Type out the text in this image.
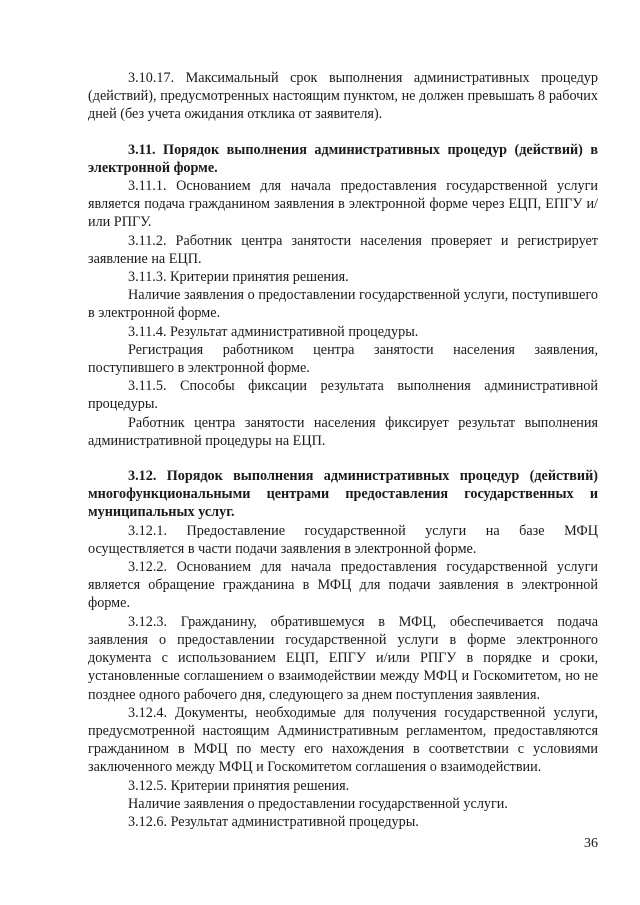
3.10.17. Максимальный срок выполнения административных процедур (действий), предусмотренных настоящим пунктом, не должен превышать 8 рабочих дней (без учета ожидания отклика от заявителя).

3.11. Порядок выполнения административных процедур (действий) в электронной форме.

3.11.1. Основанием для начала предоставления государственной услуги является подача гражданином заявления в электронной форме через ЕЦП, ЕПГУ и/или РПГУ.

3.11.2. Работник центра занятости населения проверяет и регистрирует заявление на ЕЦП.

3.11.3. Критерии принятия решения.

Наличие заявления о предоставлении государственной услуги, поступившего в электронной форме.

3.11.4. Результат административной процедуры.

Регистрация работником центра занятости населения заявления, поступившего в электронной форме.

3.11.5. Способы фиксации результата выполнения административной процедуры.

Работник центра занятости населения фиксирует результат выполнения административной процедуры на ЕЦП.

3.12. Порядок выполнения административных процедур (действий) многофункциональными центрами предоставления государственных и муниципальных услуг.

3.12.1. Предоставление государственной услуги на базе МФЦ осуществляется в части подачи заявления в электронной форме.

3.12.2. Основанием для начала предоставления государственной услуги является обращение гражданина в МФЦ для подачи заявления в электронной форме.

3.12.3. Гражданину, обратившемуся в МФЦ, обеспечивается подача заявления о предоставлении государственной услуги в форме электронного документа с использованием ЕЦП, ЕПГУ и/или РПГУ в порядке и сроки, установленные соглашением о взаимодействии между МФЦ и Госкомитетом, но не позднее одного рабочего дня, следующего за днем поступления заявления.

3.12.4. Документы, необходимые для получения государственной услуги, предусмотренной настоящим Административным регламентом, предоставляются гражданином в МФЦ по месту его нахождения в соответствии с условиями заключенного между МФЦ и Госкомитетом соглашения о взаимодействии.

3.12.5. Критерии принятия решения.

Наличие заявления о предоставлении государственной услуги.

3.12.6. Результат административной процедуры.

36
